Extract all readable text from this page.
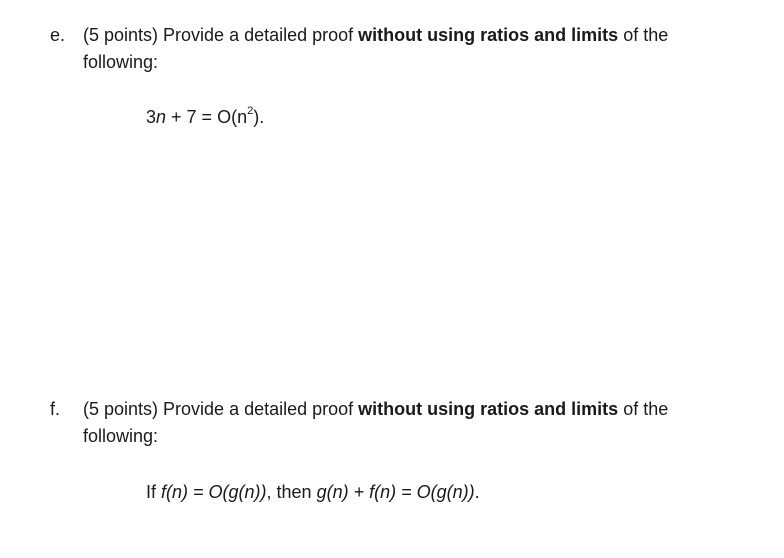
e. (5 points) Provide a detailed proof without using ratios and limits of the following:
$3n + 7 = O(n^2)$.
f. (5 points) Provide a detailed proof without using ratios and limits of the following:
If f(n) = O(g(n)), then g(n) + f(n) = O(g(n)).
